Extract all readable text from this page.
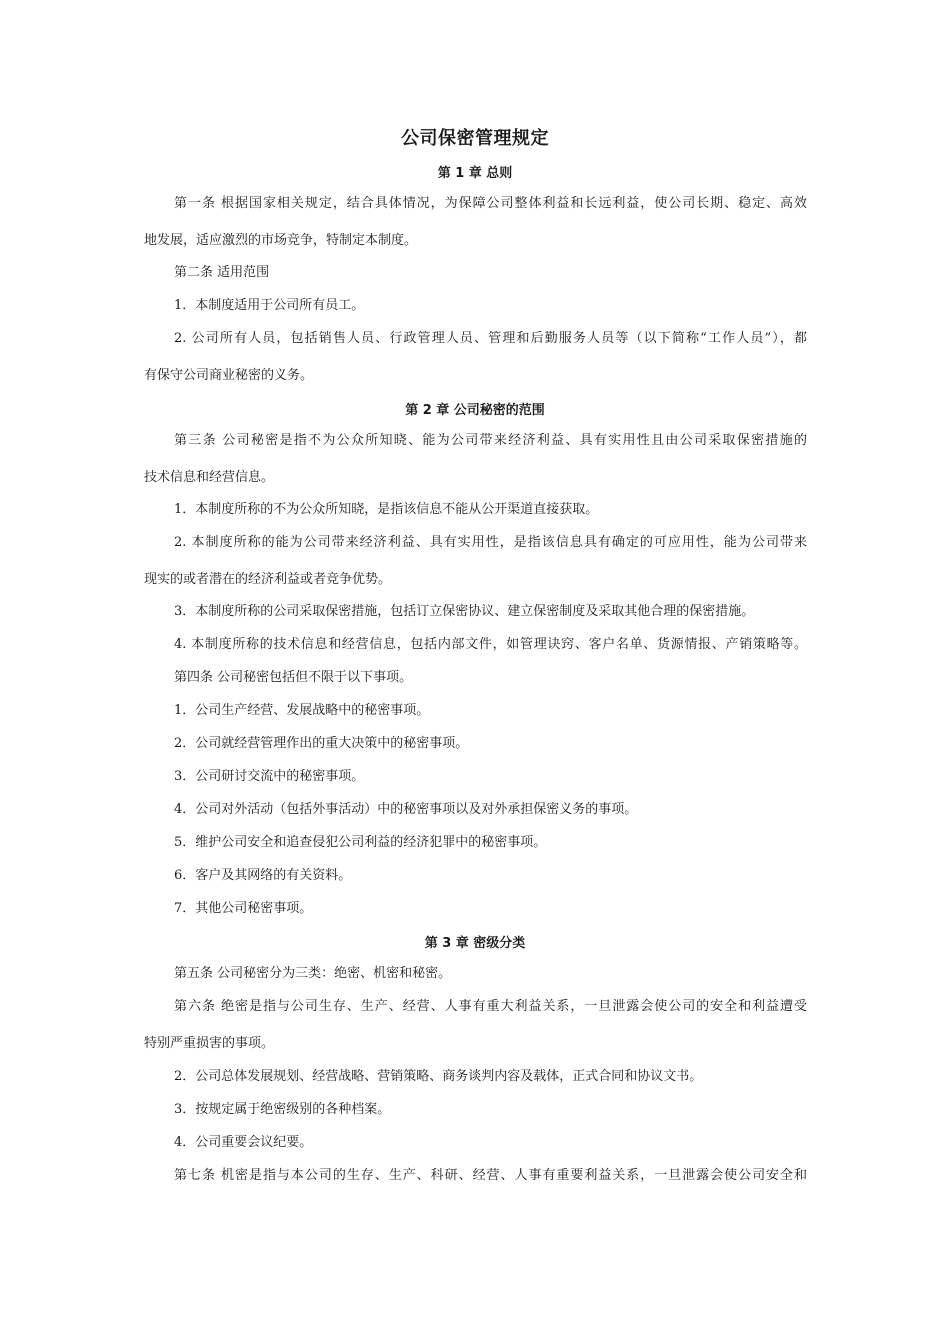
公司保密管理规定
第 1 章 总则
第一条 根据国家相关规定，结合具体情况，为保障公司整体利益和长远利益，使公司长期、稳定、高效
地发展，适应激烈的市场竞争，特制定本制度。
第二条 适用范围
1．本制度适用于公司所有员工。
2. 公司所有人员，包括销售人员、行政管理人员、管理和后勤服务人员等（以下简称“工作人员”），都
有保守公司商业秘密的义务。
第 2 章 公司秘密的范围
第三条 公司秘密是指不为公众所知晓、能为公司带来经济利益、具有实用性且由公司采取保密措施的
技术信息和经营信息。
1．本制度所称的不为公众所知晓，是指该信息不能从公开渠道直接获取。
2. 本制度所称的能为公司带来经济利益、具有实用性，是指该信息具有确定的可应用性，能为公司带来
现实的或者潜在的经济利益或者竞争优势。
3．本制度所称的公司采取保密措施，包括订立保密协议、建立保密制度及采取其他合理的保密措施。
4. 本制度所称的技术信息和经营信息，包括内部文件，如管理诀窍、客户名单、货源情报、产销策略等。
第四条 公司秘密包括但不限于以下事项。
1．公司生产经营、发展战略中的秘密事项。
2．公司就经营管理作出的重大决策中的秘密事项。
3．公司研讨交流中的秘密事项。
4．公司对外活动（包括外事活动）中的秘密事项以及对外承担保密义务的事项。
5．维护公司安全和追查侵犯公司利益的经济犯罪中的秘密事项。
6．客户及其网络的有关资料。
7．其他公司秘密事项。
第 3 章 密级分类
第五条 公司秘密分为三类：绝密、机密和秘密。
第六条 绝密是指与公司生存、生产、经营、人事有重大利益关系，一旦泄露会使公司的安全和利益遭受
特别严重损害的事项。
2．公司总体发展规划、经营战略、营销策略、商务谈判内容及载体，正式合同和协议文书。
3．按规定属于绝密级别的各种档案。
4．公司重要会议纪要。
第七条 机密是指与本公司的生存、生产、科研、经营、人事有重要利益关系，一旦泄露会使公司安全和
